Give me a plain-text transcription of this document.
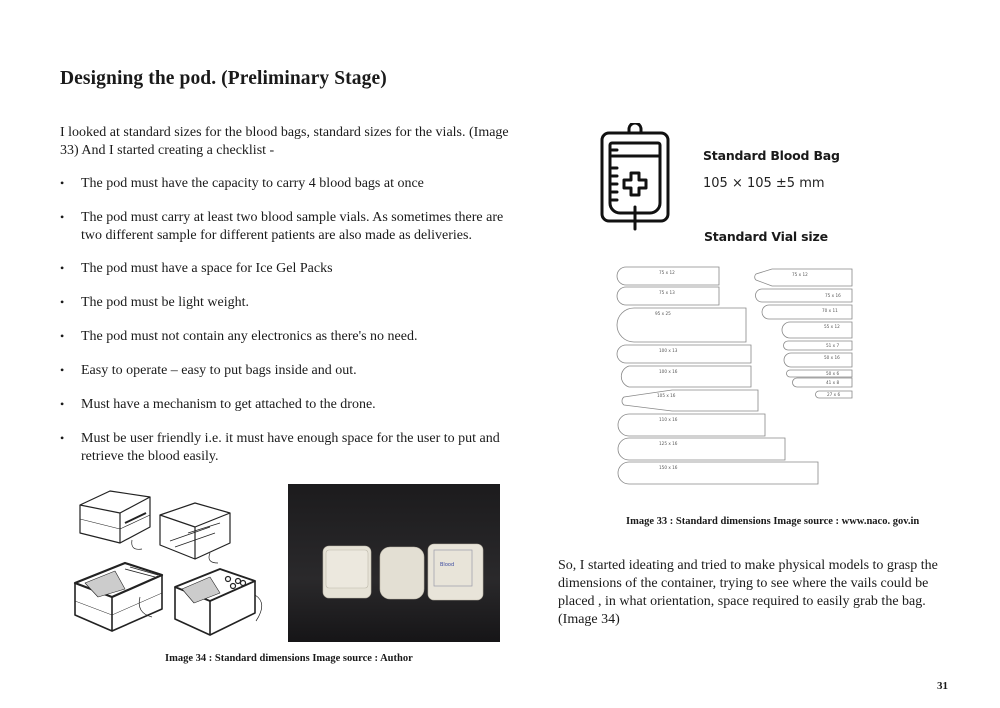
Designing the pod. (Preliminary Stage)
I looked at standard sizes for the blood bags, standard sizes for the vials. (Image 33) And I started creating a checklist -
• The pod must have the capacity to carry 4 blood bags at once
• The pod must carry at least two blood sample vials. As sometimes there are two different sample for different patients are also made as deliveries.
• The pod must have a space for Ice Gel Packs
• The pod must be light weight.
• The pod must not contain any electronics as there's no need.
• Easy to operate – easy to put bags inside and out.
• Must have a mechanism to get attached to the drone.
• Must be user friendly i.e. it must have enough space for the user to put and retrieve the blood easily.
Standard Blood Bag
105 × 105 ±5 mm
Standard Vial size
75 x 12
75 x 13
95 x 25
100 x 13
100 x 16
105 x 16
110 x 16
125 x 16
150 x 16
75 x 12
75 x 16
70 x 11
55 x 12
51 x 7
50 x 16
50 x 6
41 x 8
27 x 6
Image 33 : Standard dimensions Image source : www.naco. gov.in
So, I started ideating and tried to make physical models to grasp the dimensions of the container, trying to see where the vails could be placed , in what orientation, space required to easily grab the bag. (Image 34)
Blood
Image 34 : Standard dimensions Image source : Author
31
